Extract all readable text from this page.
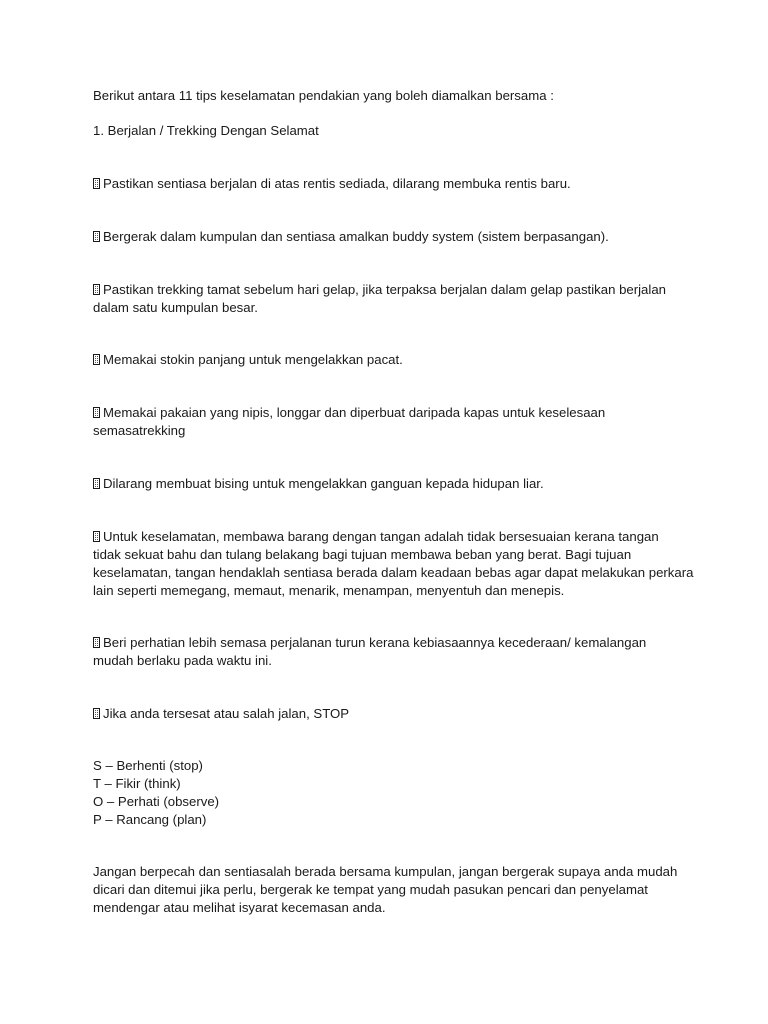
Berikut antara 11 tips keselamatan pendakian yang boleh diamalkan bersama :
1. Berjalan / Trekking Dengan Selamat
Pastikan sentiasa berjalan di atas rentis sediada, dilarang membuka rentis baru.
Bergerak dalam kumpulan dan sentiasa amalkan buddy system (sistem berpasangan).
Pastikan trekking tamat sebelum hari gelap, jika terpaksa berjalan dalam gelap pastikan berjalan
dalam satu kumpulan besar.
Memakai stokin panjang untuk mengelakkan pacat.
Memakai pakaian yang nipis, longgar dan diperbuat daripada kapas untuk keselesaan
semasatrekking
Dilarang membuat bising untuk mengelakkan ganguan kepada hidupan liar.
Untuk keselamatan, membawa barang dengan tangan adalah tidak bersesuaian kerana tangan
tidak sekuat bahu dan tulang belakang bagi tujuan membawa beban yang berat. Bagi tujuan
keselamatan, tangan hendaklah sentiasa berada dalam keadaan bebas agar dapat melakukan perkara
lain seperti memegang, memaut, menarik, menampan, menyentuh dan menepis.
Beri perhatian lebih semasa perjalanan turun kerana kebiasaannya kecederaan/ kemalangan
mudah berlaku pada waktu ini.
Jika anda tersesat atau salah jalan, STOP
S – Berhenti (stop)
T – Fikir (think)
O – Perhati (observe)
P – Rancang (plan)
Jangan berpecah dan sentiasalah berada bersama kumpulan, jangan bergerak supaya anda mudah
dicari dan ditemui jika perlu, bergerak ke tempat yang mudah pasukan pencari dan penyelamat
mendengar atau melihat isyarat kecemasan anda.
